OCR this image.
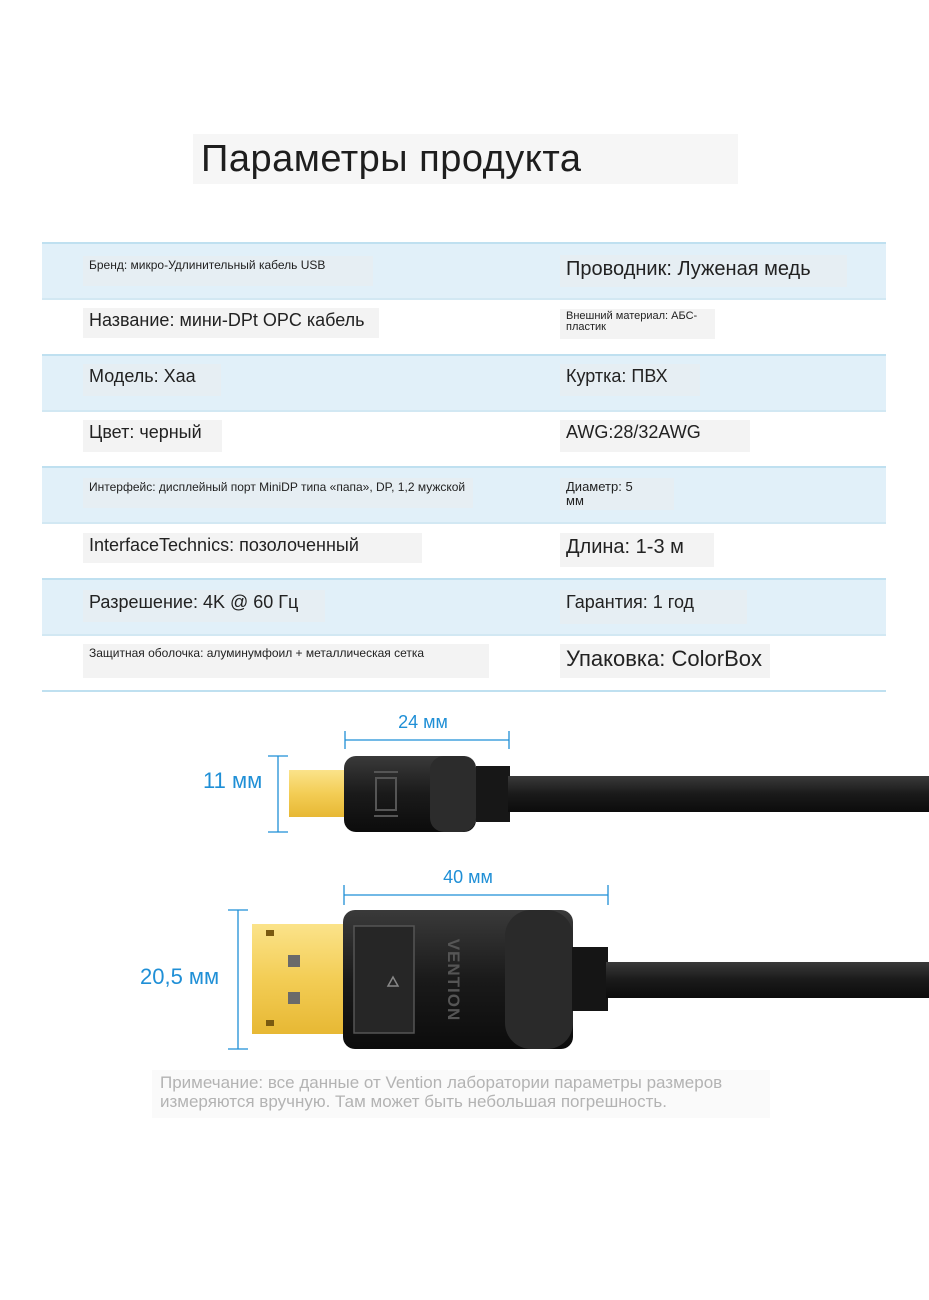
Параметры продукта
Бренд: микро-Удлинительный кабель USB	Проводник: Луженая медь
Название: мини-DPt OPC кабель	Внешний материал: АБС-
пластик
Модель: Xaa	Куртка: ПВХ
Цвет: черный	AWG:28/32AWG
Интерфейс: дисплейный порт MiniDP типа «папа», DP, 1,2 мужской	Диаметр: 5
мм
InterfaceTechnics: позолоченный	Длина: 1-3 м
Разрешение: 4K @ 60 Гц	Гарантия: 1 год
Защитная оболочка: алуминумфоил + металлическая сетка	Упаковка: ColorBox
24 мм
11 мм
40 мм
20,5 мм	VENTION
Примечание: все данные от Vention лаборатории параметры размеров
измеряются вручную. Там может быть небольшая погрешность.
